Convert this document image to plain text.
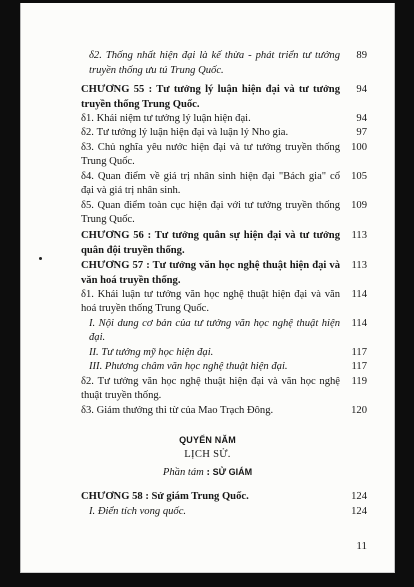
δ2. Thống nhất hiện đại là kế thừa - phát triển tư tưởng
truyền thống ưu tú Trung Quốc.
89
CHƯƠNG 55 : Tư tưởng lý luận hiện đại và tư tưởng
truyền thống Trung Quốc.
94
δ1. Khái niệm tư tưởng lý luận hiện đại.	94
δ2. Tư tưởng lý luận hiện đại và luận lý Nho gia.	97
δ3. Chủ nghĩa yêu nước hiện đại và tư tưởng truyền thống
Trung Quốc.
100
δ4. Quan điểm về giá trị nhân sinh hiện đại "Bách gia" cổ
đại và giá trị nhân sinh.
105
δ5. Quan điểm toàn cục hiện đại với tư tưởng truyền thống
Trung Quốc.
109
CHƯƠNG 56 : Tư tưởng quân sự hiện đại và tư tưởng
quân đội truyền thống.
113
CHƯƠNG 57 : Tư tưởng văn học nghệ thuật hiện đại và
văn hoá truyền thống.
113
δ1. Khái luận tư tưởng văn học nghệ thuật hiện đại và văn
hoá truyền thống Trung Quốc.
114
I. Nội dung cơ bản của tư tưởng văn học nghệ thuật hiện
đại.
114
II. Tư tưởng mỹ học hiện đại.	117
III. Phương châm văn học nghệ thuật hiện đại.	117
δ2. Tư tưởng văn học nghệ thuật hiện đại và văn học nghệ
thuật truyền thống.
119
δ3. Giám thưởng thi từ của Mao Trạch Đông.	120
QUYỂN NĂM
LỊCH SỬ.
Phần tám : SỬ GIÁM
CHƯƠNG 58 : Sử giám Trung Quốc.	124
I. Điển tích vong quốc.	124
11
